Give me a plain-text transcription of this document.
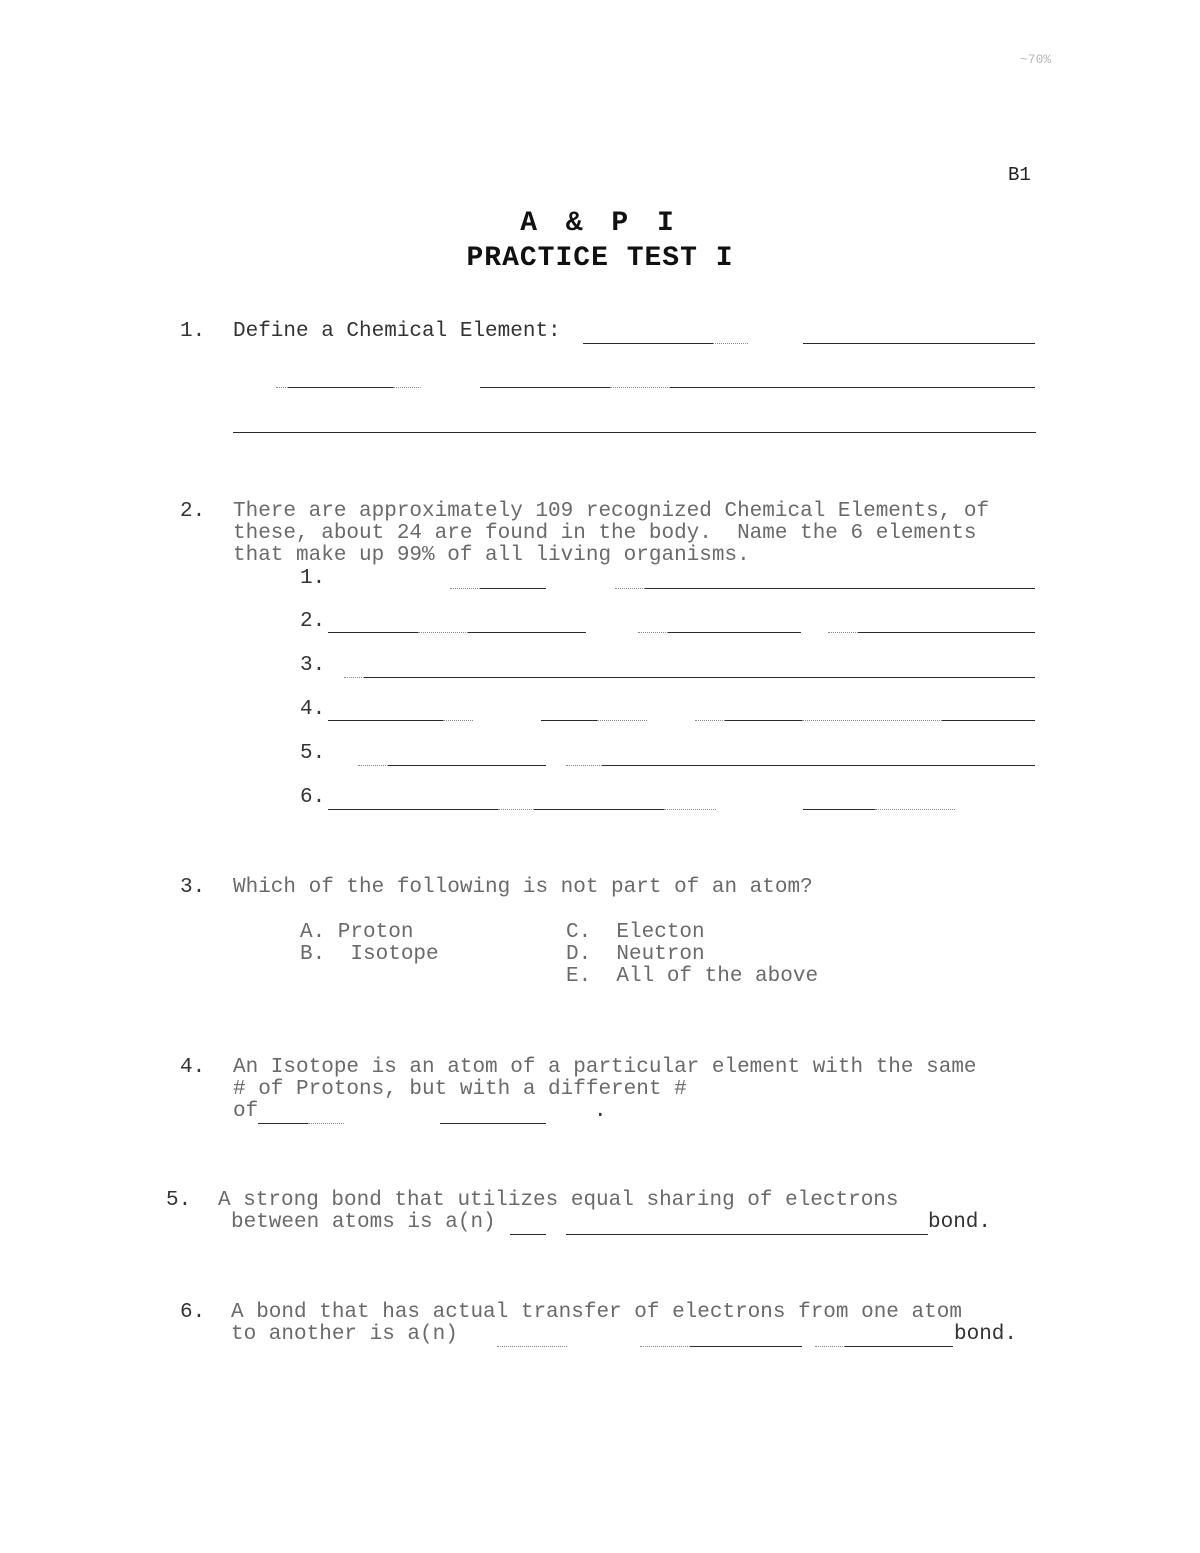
~70%
B1
A & P I
PRACTICE TEST I
1. Define a Chemical Element:
2. There are approximately 109 recognized Chemical Elements, of
these, about 24 are found in the body.  Name the 6 elements
that make up 99% of all living organisms.
1.
2.
3.
4.
5.
6.
3. Which of the following is not part of an atom?
A. Proton
B.  Isotope
C.  Electon
D.  Neutron
E.  All of the above
4. An Isotope is an atom of a particular element with the same
# of Protons, but with a different #
of	.
5. A strong bond that utilizes equal sharing of electrons
between atoms is a(n)	bond.
6. A bond that has actual transfer of electrons from one atom
to another is a(n)	bond.
